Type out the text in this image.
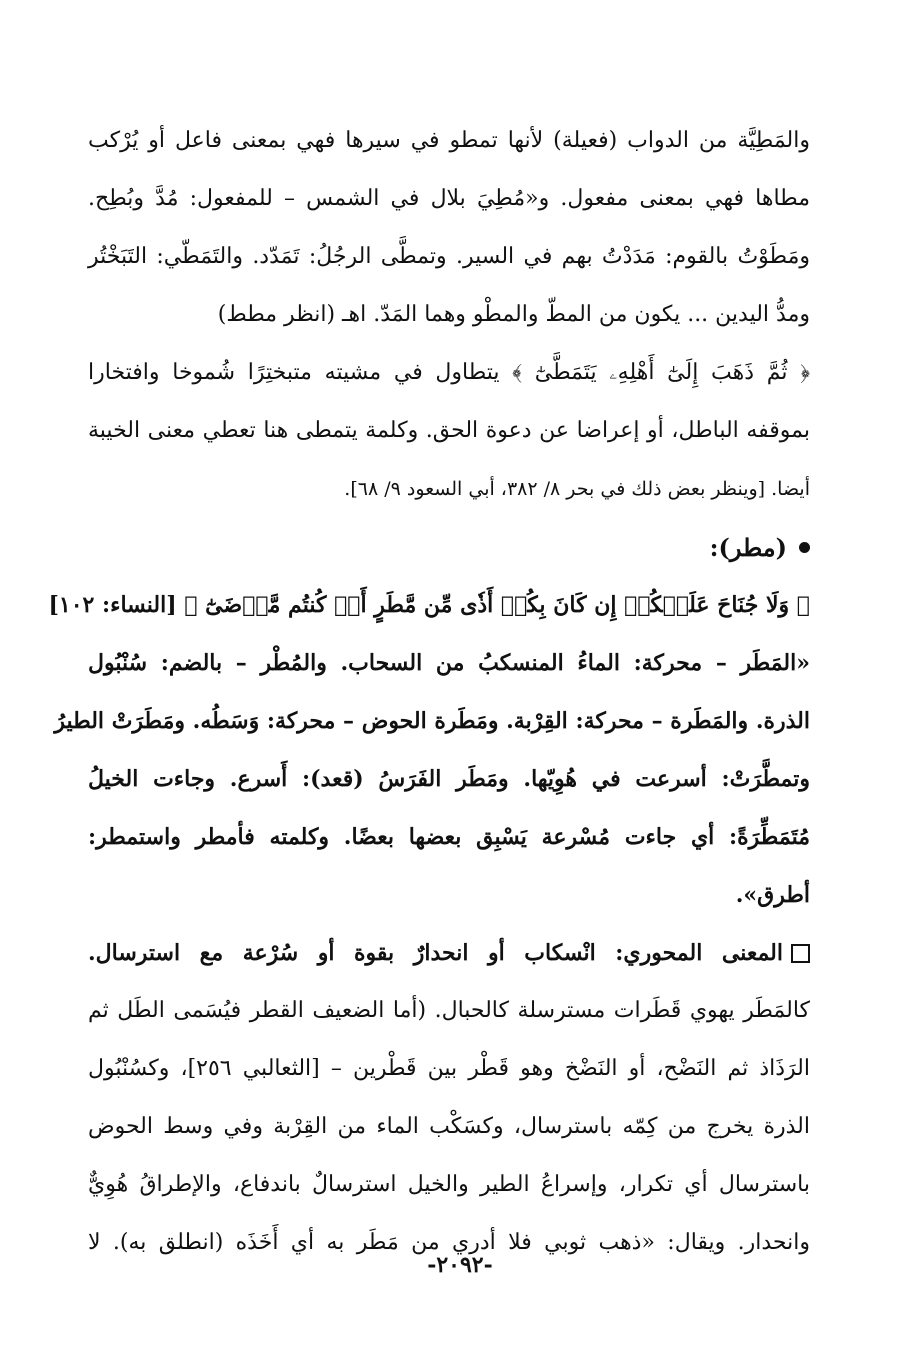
والمَطِيَّة من الدواب (فعيلة) لأنها تمطو في سيرها فهي بمعنى فاعل أو يُرْكب
مطاها فهي بمعنى مفعول. و«مُطِيَ بلال في الشمس – للمفعول: مُدَّ وبُطِح.
ومَطَوْتُ بالقوم: مَدَدْتُ بهم في السير. وتمطَّى الرجُلُ: تَمَدّد. والتَمَطّي: التَبَخْتُر
ومدُّ اليدين ... يكون من المطّ والمطْو وهما المَدّ. اهـ (انظر مطط)
﴿ ثُمَّ ذَهَبَ إِلَىٰٓ أَهْلِهِۦ يَتَمَطَّىٰٓ ﴾ يتطاول في مشيته متبختِرًا شُموخا وافتخارا
بموقفه الباطل، أو إعراضا عن دعوة الحق. وكلمة يتمطى هنا تعطي معنى الخيبة
أيضا. [وينظر بعض ذلك في بحر ٨/ ٣٨٢، أبي السعود ٩/ ٦٨].
(مطر):
﴿ وَلَا جُنَاحَ عَلَيۡكُمۡ إِن كَانَ بِكُمۡ أَذٗى مِّن مَّطَرٍ أَوۡ كُنتُم مَّرۡضَىٰٓ ﴾ [النساء: ١٠٢]
«المَطَر – محركة: الماءُ المنسكبُ من السحاب. والمُطْر – بالضم: سُنْبُول
الذرة. والمَطَرة – محركة: القِرْبة. ومَطَرة الحوض – محركة: وَسَطُه. ومَطَرَتْ الطيرُ
وتمطَّرَتْ: أسرعت في هُوِيّها. ومَطَر الفَرَسُ (قعد): أَسرع. وجاءت الخيلُ
مُتَمَطِّرَةً: أي جاءت مُسْرعة يَسْبِق بعضها بعضًا. وكلمته فأمطر واستمطر:
أطرق».
المعنى المحوري: انْسكاب أو انحدارٌ بقوة أو سُرْعة مع استرسال.
كالمَطَر يهوي قَطَرات مسترسلة كالحبال. (أما الضعيف القطر فيُسَمى الطَل ثم
الرَذَاذ ثم النَضْح، أو النَضْخ وهو قَطْر بين قَطْرين – [الثعالبي ٢٥٦]، وكسُنْبُول
الذرة يخرج من كِمّه باسترسال، وكسَكْب الماء من القِرْبة وفي وسط الحوض
باسترسال أي تكرار، وإسراعُ الطير والخيل استرسالٌ باندفاع، والإطراقُ هُوِيٌّ
وانحدار. ويقال: «ذهب ثوبي فلا أدري من مَطَر به أي أَخَذَه (انطلق به). لا
-٢٠٩٢-
